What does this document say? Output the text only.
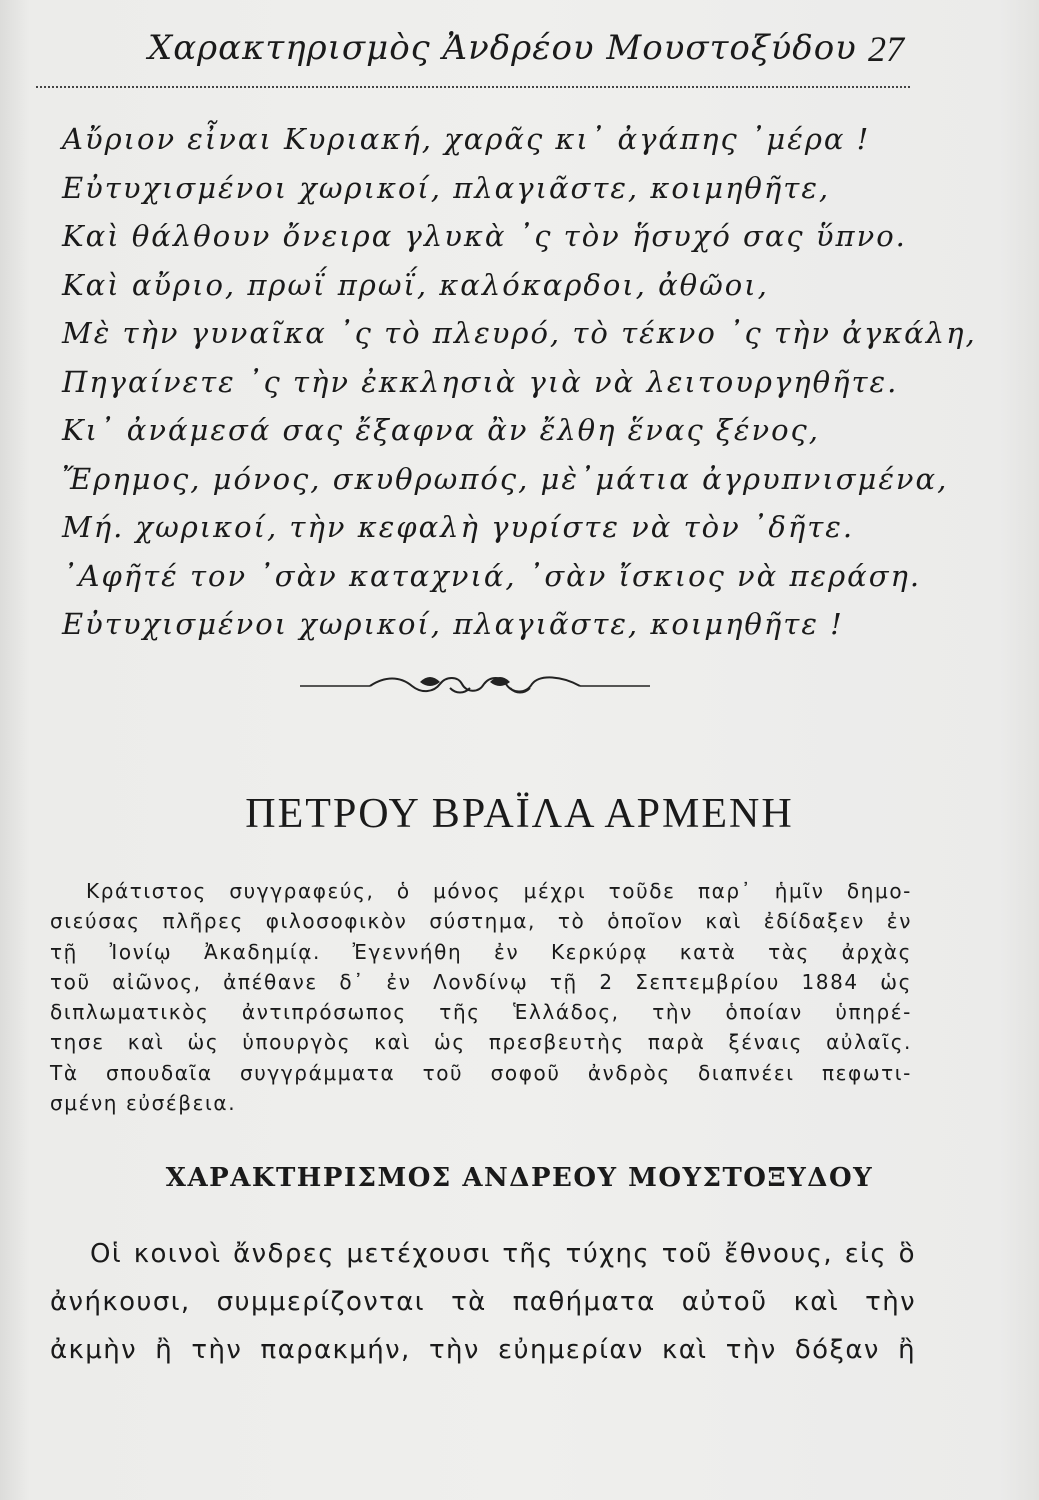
Χαρακτηρισμὸς Ἀνδρέου Μουστοξύδου 27
Αὔριον εἶναι Κυριακή, χαρᾶς κι᾽ ἀγάπης ᾽μέρα !
Εὐτυχισμένοι χωρικοί, πλαγιᾶστε, κοιμηθῆτε,
Καὶ θάλθουν ὄνειρα γλυκὰ ᾽ς τὸν ἥσυχό σας ὕπνο.
Καὶ αὔριο, πρωΐ πρωΐ, καλόκαρδοι, ἀθῶοι,
Μὲ τὴν γυναῖκα ᾽ς τὸ πλευρό, τὸ τέκνο ᾽ς τὴν ἀγκάλη,
Πηγαίνετε ᾽ς τὴν ἐκκλησιὰ γιὰ νὰ λειτουργηθῆτε.
Κι᾽ ἀνάμεσά σας ἔξαφνα ἂν ἔλθη ἕνας ξένος,
Ἔρημος, μόνος, σκυθρωπός, μὲ᾽μάτια ἀγρυπνισμένα,
Μή. χωρικοί, τὴν κεφαλὴ γυρίστε νὰ τὸν ᾽δῆτε.
᾽Αφῆτέ τον ᾽σὰν καταχνιά, ᾽σὰν ἴσκιος νὰ περάση.
Εὐτυχισμένοι χωρικοί, πλαγιᾶστε, κοιμηθῆτε !
ΠΕΤΡΟΥ ΒΡΑΪΛΑ ΑΡΜΕΝΗ
Κράτιστος συγγραφεύς, ὁ μόνος μέχρι τοῦδε παρ᾽ ἡμῖν δημο-
σιεύσας πλῆρες φιλοσοφικὸν σύστημα, τὸ ὁποῖον καὶ ἐδίδαξεν ἐν
τῇ Ἰονίῳ Ἀκαδημίᾳ. Ἐγεννήθη ἐν Κερκύρᾳ κατὰ τὰς ἀρχὰς
τοῦ αἰῶνος, ἀπέθανε δ᾽ ἐν Λονδίνῳ τῇ 2 Σεπτεμβρίου 1884 ὡς
διπλωματικὸς ἀντιπρόσωπος τῆς Ἑλλάδος, τὴν ὁποίαν ὑπηρέ-
τησε καὶ ὡς ὑπουργὸς καὶ ὡς πρεσβευτὴς παρὰ ξέναις αὐλαῖς.
Τὰ σπουδαῖα συγγράμματα τοῦ σοφοῦ ἀνδρὸς διαπνέει πεφωτι-
σμένη εὐσέβεια.
ΧΑΡΑΚΤΗΡΙΣΜΟΣ ΑΝΔΡΕΟΥ ΜΟΥΣΤΟΞΥΔΟΥ
Οἱ κοινοὶ ἄνδρες μετέχουσι τῆς τύχης τοῦ ἔθνους, εἰς ὃ
ἀνήκουσι, συμμερίζονται τὰ παθήματα αὐτοῦ καὶ τὴν
ἀκμὴν ἢ τὴν παρακμήν, τὴν εὐημερίαν καὶ τὴν δόξαν ἢ
